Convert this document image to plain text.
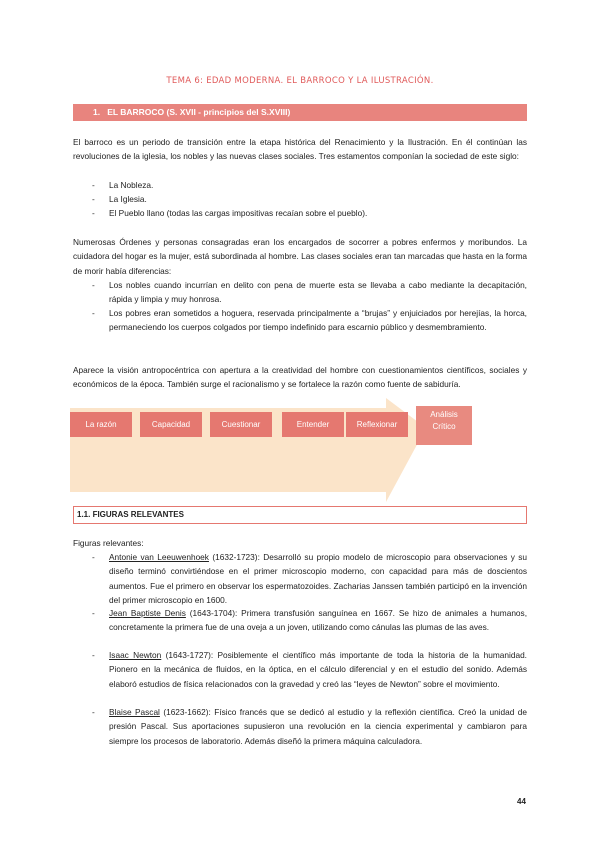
TEMA 6: EDAD MODERNA. EL BARROCO Y LA ILUSTRACIÓN.
1. EL BARROCO (S. XVII - principios del S.XVIII)
El barroco es un periodo de transición entre la etapa histórica del Renacimiento y la Ilustración. En él continúan las revoluciones de la iglesia, los nobles y las nuevas clases sociales. Tres estamentos componían la sociedad de este siglo:
- La Nobleza.
- La Iglesia.
- El Pueblo llano (todas las cargas impositivas recaían sobre el pueblo).
Numerosas Órdenes y personas consagradas eran los encargados de socorrer a pobres enfermos y moribundos. La cuidadora del hogar es la mujer, está subordinada al hombre. Las clases sociales eran tan marcadas que hasta en la forma de morir había diferencias:
- Los nobles cuando incurrían en delito con pena de muerte esta se llevaba a cabo mediante la decapitación, rápida y limpia y muy honrosa.
- Los pobres eran sometidos a hoguera, reservada principalmente a “brujas” y enjuiciados por herejías, la horca, permaneciendo los cuerpos colgados por tiempo indefinido para escarnio público y desmembramiento.
Aparece la visión antropocéntrica con apertura a la creatividad del hombre con cuestionamientos científicos, sociales y económicos de la época. También surge el racionalismo y se fortalece la razón como fuente de sabiduría.
La razón	Capacidad	Cuestionar	Entender	Reflexionar
Análisis
Crítico
1.1. FIGURAS RELEVANTES
Figuras relevantes:
- Antonie van Leeuwenhoek (1632-1723): Desarrolló su propio modelo de microscopio para observaciones y su diseño terminó convirtiéndose en el primer microscopio moderno, con capacidad para más de doscientos aumentos. Fue el primero en observar los espermatozoides. Zacharias Janssen también participó en la invención del primer microscopio en 1600.
- Jean Baptiste Denis (1643-1704): Primera transfusión sanguínea en 1667. Se hizo de animales a humanos, concretamente la primera fue de una oveja a un joven, utilizando como cánulas las plumas de las aves.
- Isaac Newton (1643-1727): Posiblemente el científico más importante de toda la historia de la humanidad. Pionero en la mecánica de fluidos, en la óptica, en el cálculo diferencial y en el estudio del sonido. Además elaboró estudios de física relacionados con la gravedad y creó las “leyes de Newton” sobre el movimiento.
- Blaise Pascal (1623-1662): Físico francés que se dedicó al estudio y la reflexión científica. Creó la unidad de presión Pascal. Sus aportaciones supusieron una revolución en la ciencia experimental y cambiaron para siempre los procesos de laboratorio. Además diseñó la primera máquina calculadora.
44
